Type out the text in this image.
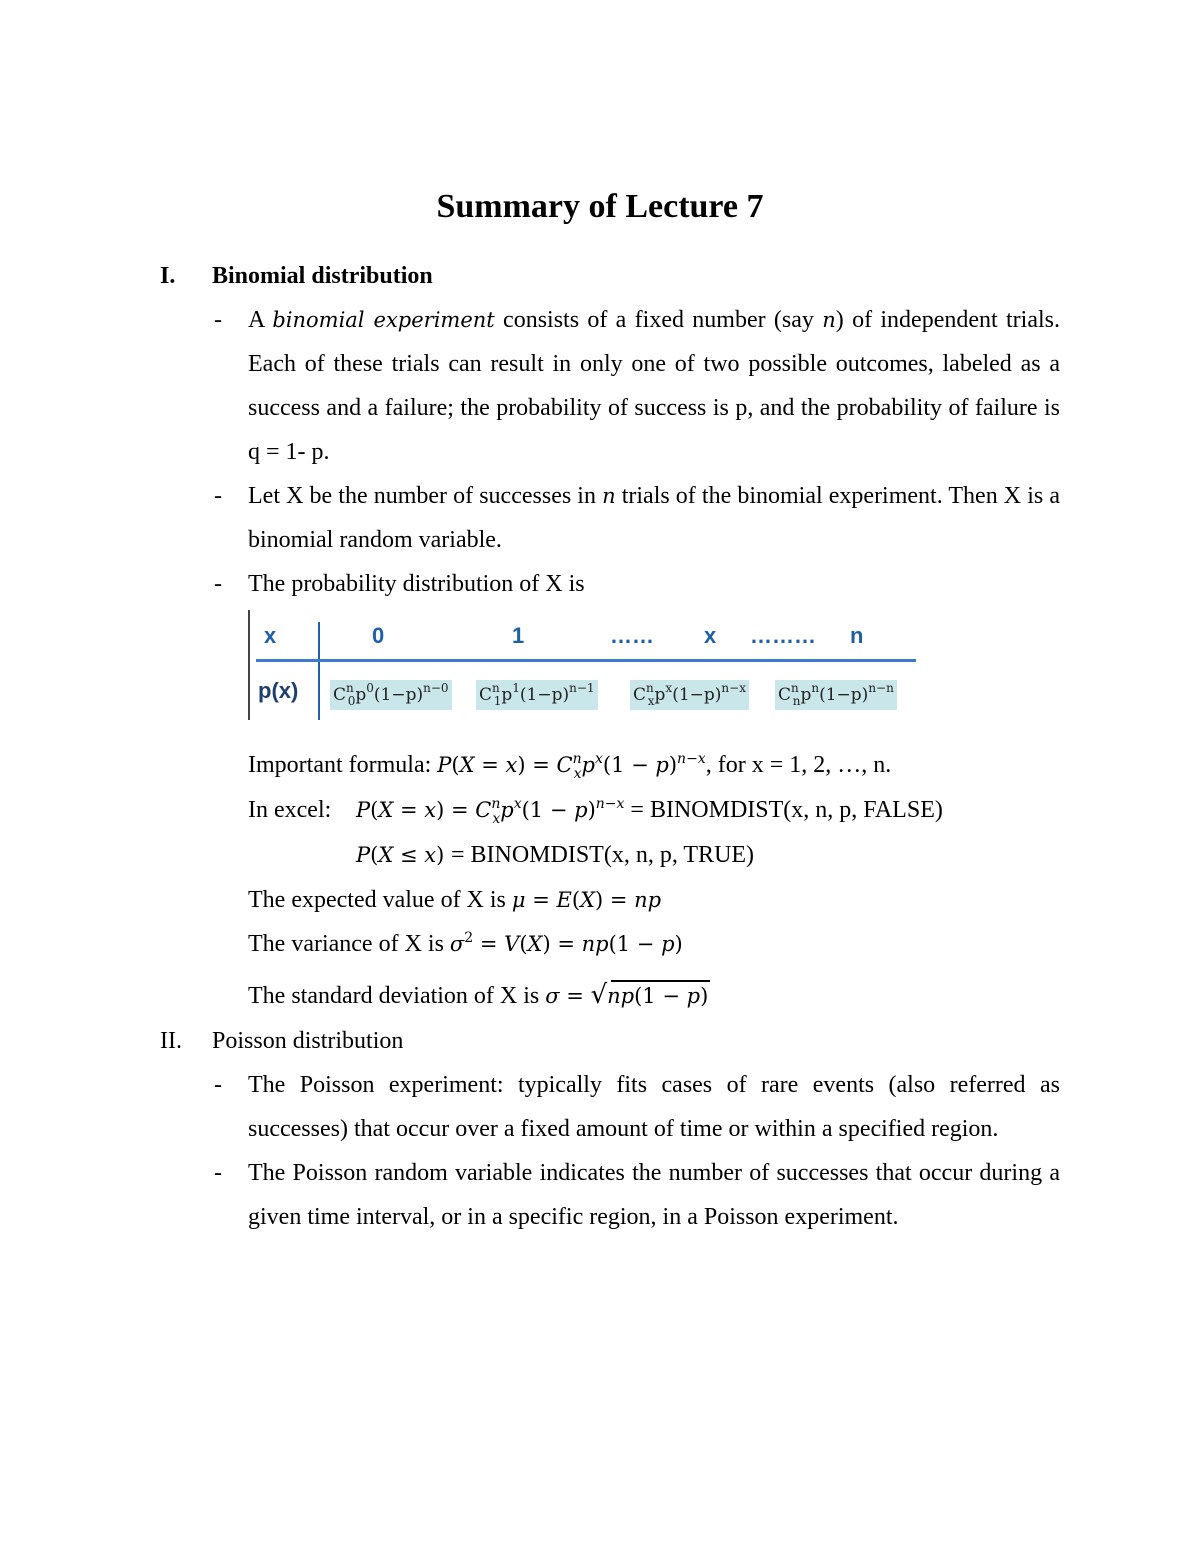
Summary of Lecture 7
I. Binomial distribution
- A binomial experiment consists of a fixed number (say n) of independent trials. Each of these trials can result in only one of two possible outcomes, labeled as a success and a failure; the probability of success is p, and the probability of failure is q = 1- p.
- Let X be the number of successes in n trials of the binomial experiment. Then X is a binomial random variable.
- The probability distribution of X is
x	0	1	…… x ……… n
p(x) $C^n_0p^0(1-p)^{n-0}$ $C^n_1p^1(1-p)^{n-1}$ $C^n_xp^x(1-p)^{n-x}$ $C^n_np^n(1-p)^{n-n}$
Important formula: $P(X = x) = C^n_xp^x(1 - p)^{n-x}$, for x = 1, 2, …, n.
In excel: $P(X = x) = C^n_xp^x(1 - p)^{n-x}$ = BINOMDIST(x, n, p, FALSE)
P(X ≤ x) = BINOMDIST(x, n, p, TRUE)
The expected value of X is μ = E(X) = np
The variance of X is $\sigma^2 = V(X) = np(1 - p)$
The standard deviation of X is σ =
√np(1 − p)
II. Poisson distribution
- The Poisson experiment: typically fits cases of rare events (also referred as successes) that occur over a fixed amount of time or within a specified region.
- The Poisson random variable indicates the number of successes that occur during a given time interval, or in a specific region, in a Poisson experiment.
